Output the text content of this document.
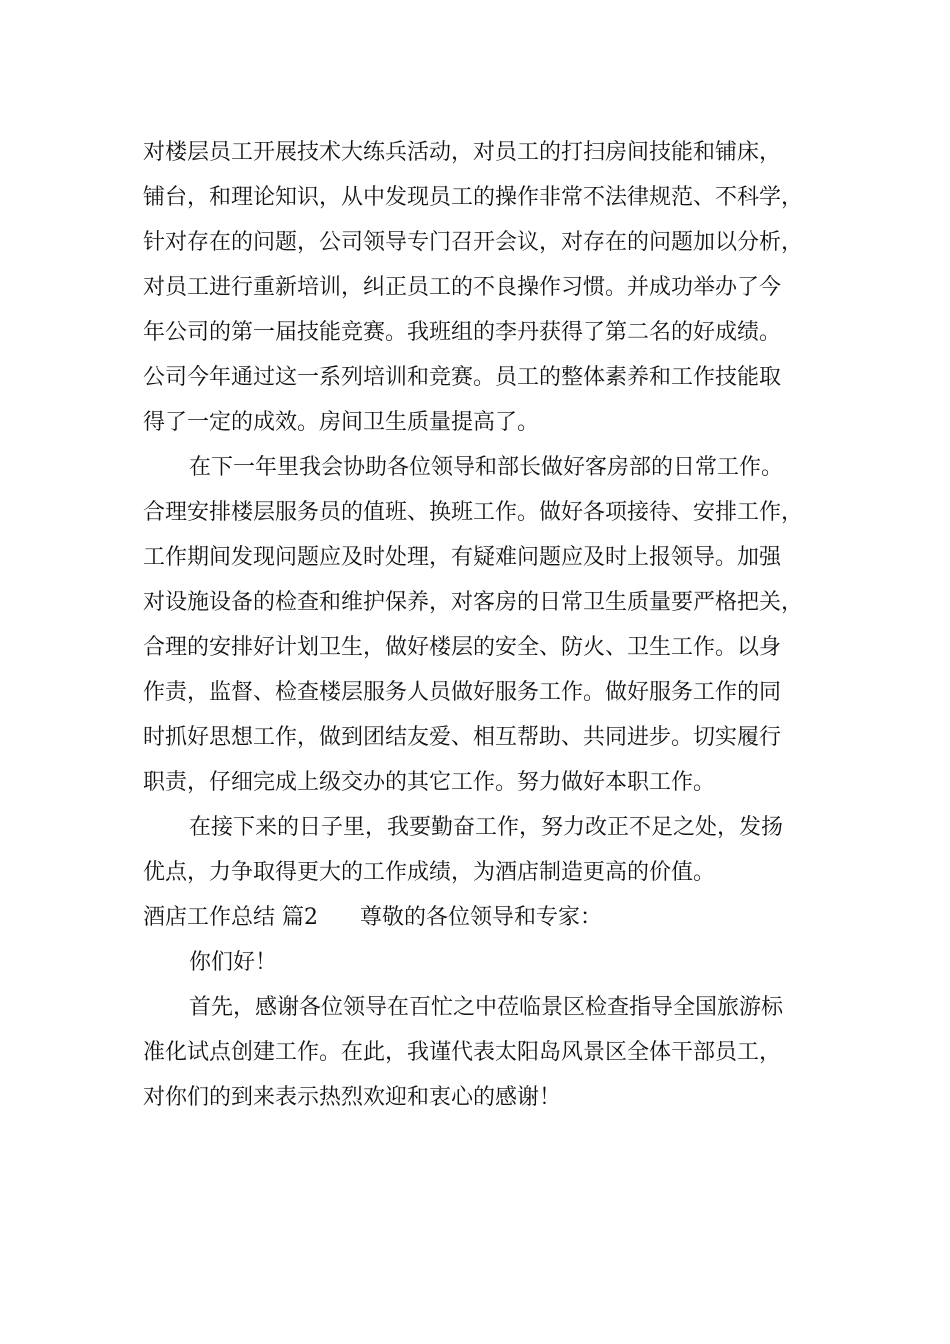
对楼层员工开展技术大练兵活动，对员工的打扫房间技能和铺床，
铺台，和理论知识，从中发现员工的操作非常不法律规范、不科学，
针对存在的问题，公司领导专门召开会议，对存在的问题加以分析，
对员工进行重新培训，纠正员工的不良操作习惯。并成功举办了今
年公司的第一届技能竞赛。我班组的李丹获得了第二名的好成绩。
公司今年通过这一系列培训和竞赛。员工的整体素养和工作技能取
得了一定的成效。房间卫生质量提高了。
在下一年里我会协助各位领导和部长做好客房部的日常工作。
合理安排楼层服务员的值班、换班工作。做好各项接待、安排工作，
工作期间发现问题应及时处理，有疑难问题应及时上报领导。加强
对设施设备的检查和维护保养，对客房的日常卫生质量要严格把关，
合理的安排好计划卫生，做好楼层的安全、防火、卫生工作。以身
作责，监督、检查楼层服务人员做好服务工作。做好服务工作的同
时抓好思想工作，做到团结友爱、相互帮助、共同进步。切实履行
职责，仔细完成上级交办的其它工作。努力做好本职工作。
在接下来的日子里，我要勤奋工作，努力改正不足之处，发扬
优点，力争取得更大的工作成绩，为酒店制造更高的价值。
酒店工作总结 篇2 尊敬的各位领导和专家：
你们好！
首先，感谢各位领导在百忙之中莅临景区检查指导全国旅游标
准化试点创建工作。在此，我谨代表太阳岛风景区全体干部员工，
对你们的到来表示热烈欢迎和衷心的感谢！
